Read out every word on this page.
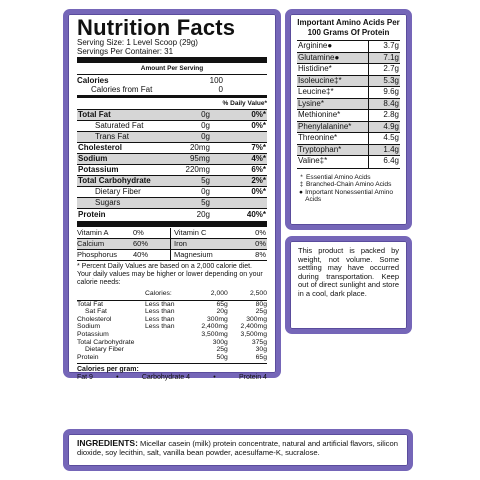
Nutrition Facts
Serving Size: 1 Level Scoop (29g)
Servings Per Container: 31
Amount Per Serving
Calories	100
Calories from Fat	0
% Daily Value*
Total Fat	0g	0%*
Saturated Fat	0g	0%*
Trans Fat	0g
Cholesterol	20mg	7%*
Sodium	95mg	4%*
Potassium	220mg	6%*
Total Carbohydrate	5g	2%*
Dietary Fiber	0g	0%*
Sugars	5g
Protein	20g	40%*
Vitamin A	0%	Vitamin C	0%
Calcium	60%	Iron	0%
Phosphorus	40%	Magnesium	8%
* Percent Daily Values are based on a 2,000 calorie diet. Your daily values may be higher or lower depending on your calorie needs:
	Calories:	2,000	2,500

Total Fat	Less than	65g	80g
Sat Fat	Less than	20g	25g
Cholesterol	Less than	300mg	300mg
Sodium	Less than	2,400mg	2,400mg
Potassium		3,500mg	3,500mg
Total Carbohydrate		300g	375g
Dietary Fiber		25g	30g
Protein		50g	65g
Calories per gram:
Fat 9	•	Carbohydrate 4	•	Protein 4
Important Amino Acids Per 100 Grams Of Protein
Arginine●	3.7g
Glutamine●	7.1g
Histidine*	2.7g
Isoleucine‡*	5.3g
Leucine‡*	9.6g
Lysine*	8.4g
Methionine*	2.8g
Phenylalanine*	4.9g
Threonine*	4.5g
Tryptophan*	1.4g
Valine‡*	6.4g
* Essential Amino Acids
‡ Branched-Chain Amino Acids
● Important Nonessential Amino Acids
This product is packed by weight, not volume. Some settling may have occurred during transportation. Keep out of direct sunlight and store in a cool, dark place.
INGREDIENTS: Micellar casein (milk) protein concentrate, natural and artificial flavors, silicon dioxide, soy lecithin, salt, vanilla bean powder, acesulfame-K, sucralose.
